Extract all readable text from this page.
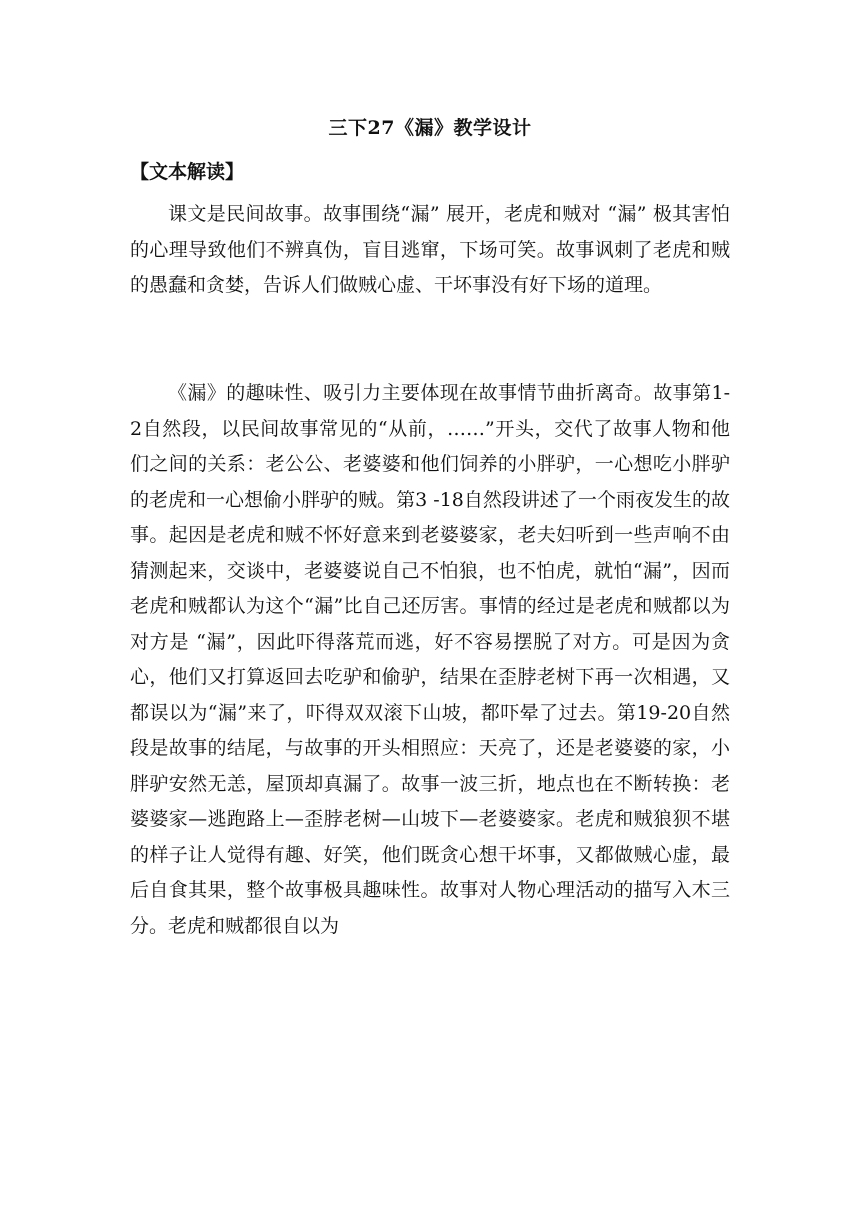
三下27《漏》教学设计
【文本解读】

课文是民间故事。故事围绕“漏” 展开，老虎和贼对 “漏” 极其害怕的心理导致他们不辨真伪，盲目逃窜，下场可笑。故事讽刺了老虎和贼的愚蠢和贪婪，告诉人们做贼心虚、干坏事没有好下场的道理。

《漏》的趣味性、吸引力主要体现在故事情节曲折离奇。故事第1-2自然段，以民间故事常见的“从前，……”开头，交代了故事人物和他们之间的关系：老公公、老婆婆和他们饲养的小胖驴，一心想吃小胖驴的老虎和一心想偷小胖驴的贼。第3 -18自然段讲述了一个雨夜发生的故事。起因是老虎和贼不怀好意来到老婆婆家，老夫妇听到一些声响不由猜测起来，交谈中，老婆婆说自己不怕狼，也不怕虎，就怕“漏”，因而老虎和贼都认为这个“漏”比自己还厉害。事情的经过是老虎和贼都以为对方是 “漏”，因此吓得落荒而逃，好不容易摆脱了对方。可是因为贪心，他们又打算返回去吃驴和偷驴，结果在歪脖老树下再一次相遇，又都误以为“漏”来了，吓得双双滚下山坡，都吓晕了过去。第19-20自然段是故事的结尾，与故事的开头相照应：天亮了，还是老婆婆的家，小胖驴安然无恙，屋顶却真漏了。故事一波三折，地点也在不断转换：老婆婆家—逃跑路上—歪脖老树—山坡下—老婆婆家。老虎和贼狼狈不堪的样子让人觉得有趣、好笑，他们既贪心想干坏事，又都做贼心虚，最后自食其果，整个故事极具趣味性。故事对人物心理活动的描写入木三分。老虎和贼都很自以为
